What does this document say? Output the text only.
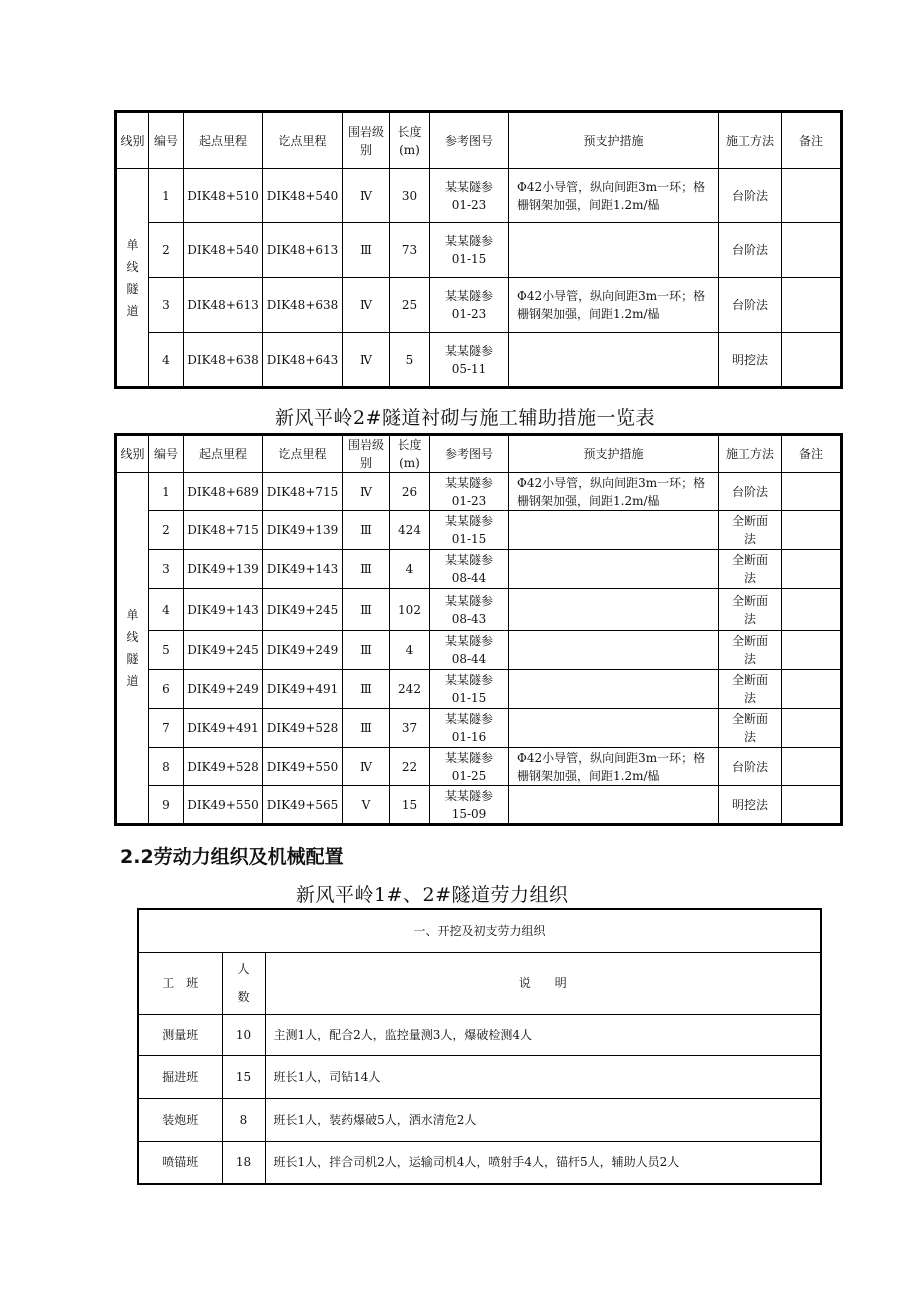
线别	编号	起点里程	讫点里程	围岩级别	长度(m)	参考图号	预支护措施	施工方法	备注
单线隧道	1	DIK48+510	DIK48+540	Ⅳ	30	某某隧参01-23	Φ42小导管，纵向间距3m一环；格栅钢架加强，间距1.2m/榀	台阶法	
	2	DIK48+540	DIK48+613	Ⅲ	73	某某隧参01-15		台阶法	
	3	DIK48+613	DIK48+638	Ⅳ	25	某某隧参01-23	Φ42小导管，纵向间距3m一环；格栅钢架加强，间距1.2m/榀	台阶法	
	4	DIK48+638	DIK48+643	Ⅳ	5	某某隧参05-11		明挖法	
新风平岭2#隧道衬砌与施工辅助措施一览表
线别	编号	起点里程	讫点里程	围岩级别	长度(m)	参考图号	预支护措施	施工方法	备注
单线隧道	1	DIK48+689	DIK48+715	Ⅳ	26	某某隧参01-23	Φ42小导管，纵向间距3m一环；格栅钢架加强，间距1.2m/榀	台阶法	
	2	DIK48+715	DIK49+139	Ⅲ	424	某某隧参01-15		全断面法	
	3	DIK49+139	DIK49+143	Ⅲ	4	某某隧参08-44		全断面法	
	4	DIK49+143	DIK49+245	Ⅲ	102	某某隧参08-43		全断面法	
	5	DIK49+245	DIK49+249	Ⅲ	4	某某隧参08-44		全断面法	
	6	DIK49+249	DIK49+491	Ⅲ	242	某某隧参01-15		全断面法	
	7	DIK49+491	DIK49+528	Ⅲ	37	某某隧参01-16		全断面法	
	8	DIK49+528	DIK49+550	Ⅳ	22	某某隧参01-25	Φ42小导管，纵向间距3m一环；格栅钢架加强，间距1.2m/榀	台阶法	
	9	DIK49+550	DIK49+565	Ⅴ	15	某某隧参15-09		明挖法	
2.2劳动力组织及机械配置
新风平岭1#、2#隧道劳力组织
一、开挖及初支劳力组织		
工　班	人数	说　　明
测量班	10	主测1人，配合2人，监控量测3人，爆破检测4人
掘进班	15	班长1人，司钻14人
装炮班	8	班长1人，装药爆破5人，洒水清危2人
喷锚班	18	班长1人，拌合司机2人，运输司机4人，喷射手4人，锚杆5人，辅助人员2人
